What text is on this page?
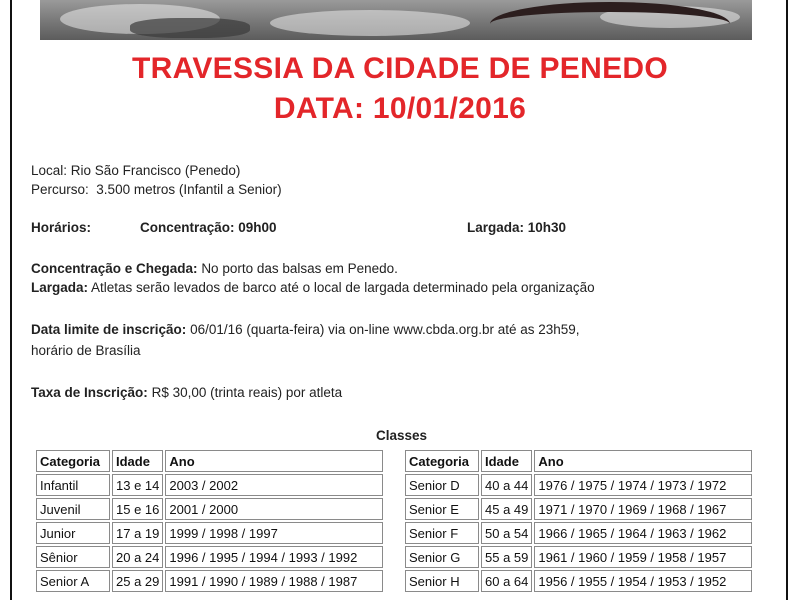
TRAVESSIA DA CIDADE DE PENEDO
DATA: 10/01/2016
Local: Rio São Francisco (Penedo)
Percurso: 3.500 metros (Infantil a Senior)
Horários:	Concentração: 09h00	Largada: 10h30
Concentração e Chegada: No porto das balsas em Penedo.
Largada: Atletas serão levados de barco até o local de largada determinado pela organização
Data limite de inscrição: 06/01/16 (quarta-feira) via on-line www.cbda.org.br até as 23h59,
horário de Brasília
Taxa de Inscrição: R$ 30,00 (trinta reais) por atleta
Classes
Categoria	Idade	Ano
Infantil	13 e 14	2003 / 2002
Juvenil	15 e 16	2001 / 2000
Junior	17 a 19	1999 / 1998 / 1997
Sênior	20 a 24	1996 / 1995 / 1994 / 1993 / 1992
Senior A	25 a 29	1991 / 1990 / 1989 / 1988 / 1987
Categoria	Idade	Ano
Senior D	40 a 44	1976 / 1975 / 1974 / 1973 / 1972
Senior E	45 a 49	1971 / 1970 / 1969 / 1968 / 1967
Senior F	50 a 54	1966 / 1965 / 1964 / 1963 / 1962
Senior G	55 a 59	1961 / 1960 / 1959 / 1958 / 1957
Senior H	60 a 64	1956 / 1955 / 1954 / 1953 / 1952
